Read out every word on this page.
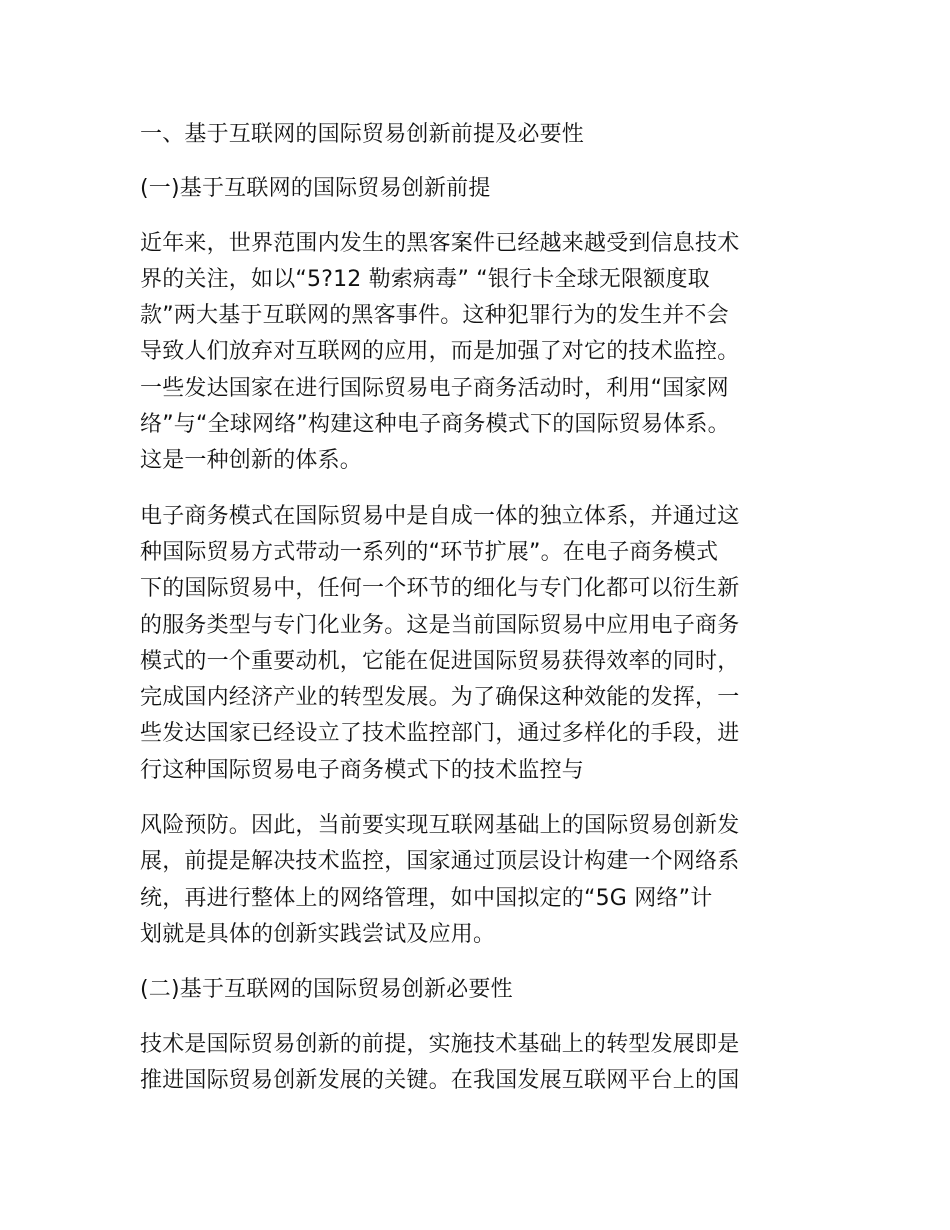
一、基于互联网的国际贸易创新前提及必要性
(一)基于互联网的国际贸易创新前提
近年来，世界范围内发生的黑客案件已经越来越受到信息技术
界的关注，如以“5?12 勒索病毒” “银行卡全球无限额度取
款”两大基于互联网的黑客事件。这种犯罪行为的发生并不会
导致人们放弃对互联网的应用，而是加强了对它的技术监控。
一些发达国家在进行国际贸易电子商务活动时，利用“国家网
络”与“全球网络”构建这种电子商务模式下的国际贸易体系。
这是一种创新的体系。
电子商务模式在国际贸易中是自成一体的独立体系，并通过这
种国际贸易方式带动一系列的“环节扩展”。在电子商务模式
下的国际贸易中，任何一个环节的细化与专门化都可以衍生新
的服务类型与专门化业务。这是当前国际贸易中应用电子商务
模式的一个重要动机，它能在促进国际贸易获得效率的同时，
完成国内经济产业的转型发展。为了确保这种效能的发挥，一
些发达国家已经设立了技术监控部门，通过多样化的手段，进
行这种国际贸易电子商务模式下的技术监控与
风险预防。因此，当前要实现互联网基础上的国际贸易创新发
展，前提是解决技术监控，国家通过顶层设计构建一个网络系
统，再进行整体上的网络管理，如中国拟定的“5G 网络”计
划就是具体的创新实践尝试及应用。
(二)基于互联网的国际贸易创新必要性
技术是国际贸易创新的前提，实施技术基础上的转型发展即是
推进国际贸易创新发展的关键。在我国发展互联网平台上的国
